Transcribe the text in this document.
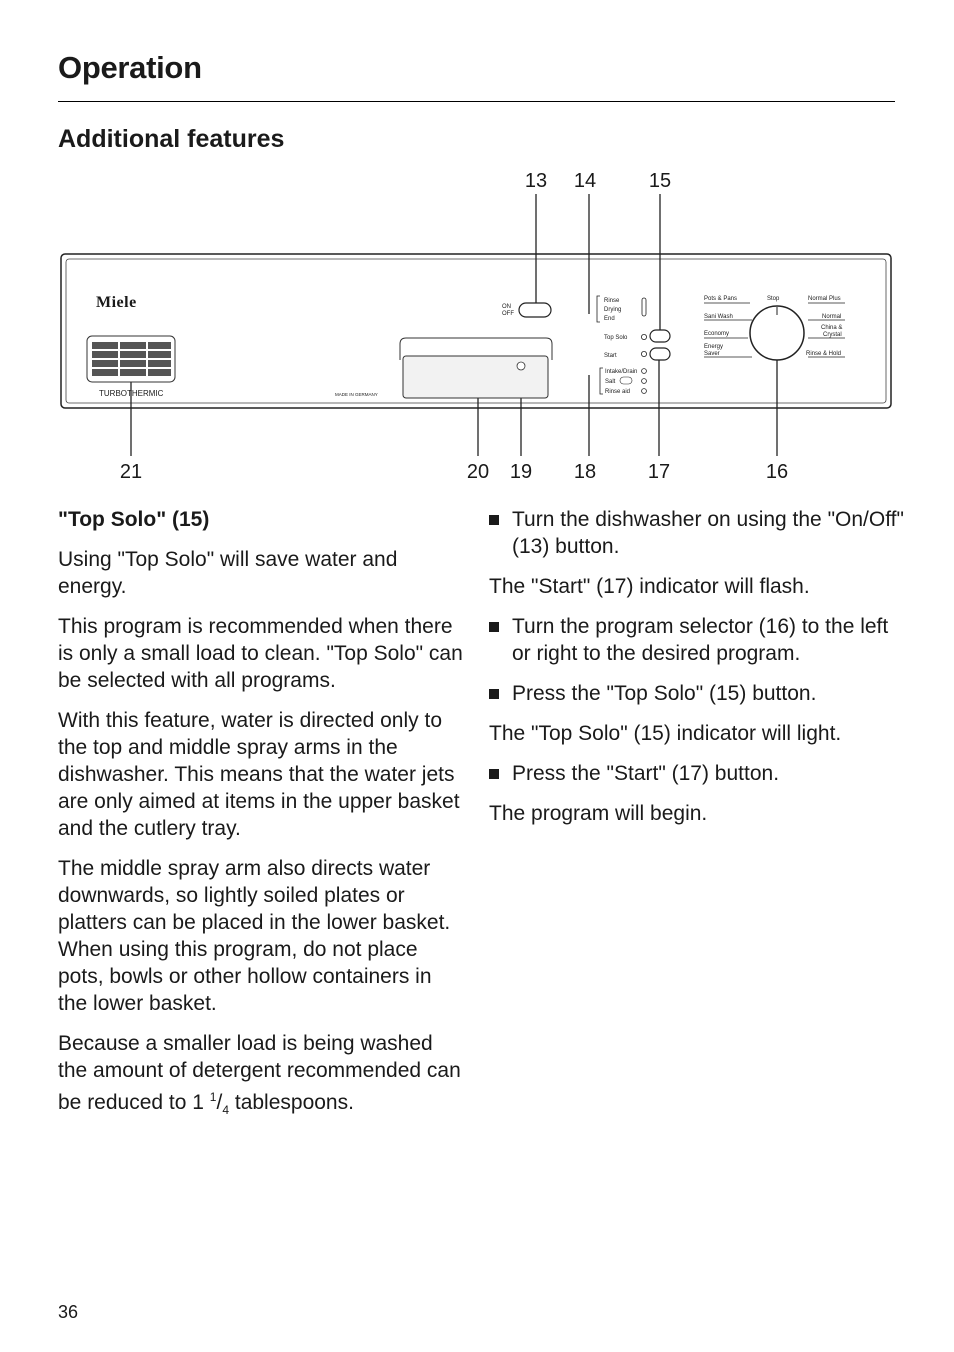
Operation
Additional features
13 14	15
21	20 19 18	17	16
Miele
TURBOTHERMIC	MADE IN GERMANY
ON
OFF
Rinse
Drying
End
Top Solo
Start
Intake/Drain
Salt
Rinse aid
Pots & Pans
Sani Wash
Economy
Energy
Saver
Stop	Normal Plus
Normal
China &
Crystal
Rinse & Hold

"Top Solo" (15)

Using "Top Solo" will save water and energy.

This program is recommended when there is only a small load to clean. "Top Solo" can be selected with all programs.

With this feature, water is directed only to the top and middle spray arms in the dishwasher. This means that the water jets are only aimed at items in the upper basket and the cutlery tray.

The middle spray arm also directs water downwards, so lightly soiled plates or platters can be placed in the lower basket.

When using this program, do not place pots, bowls or other hollow containers in the lower basket.

Because a smaller load is being washed the amount of detergent recommended can be reduced to 1 $^1/_4$ tablespoons.

Turn the dishwasher on using the "On/Off" (13) button.

The "Start" (17) indicator will flash.

Turn the program selector (16) to the left or right to the desired program.

Press the "Top Solo" (15) button.

The "Top Solo" (15) indicator will light.

Press the "Start" (17) button.

The program will begin.

36
